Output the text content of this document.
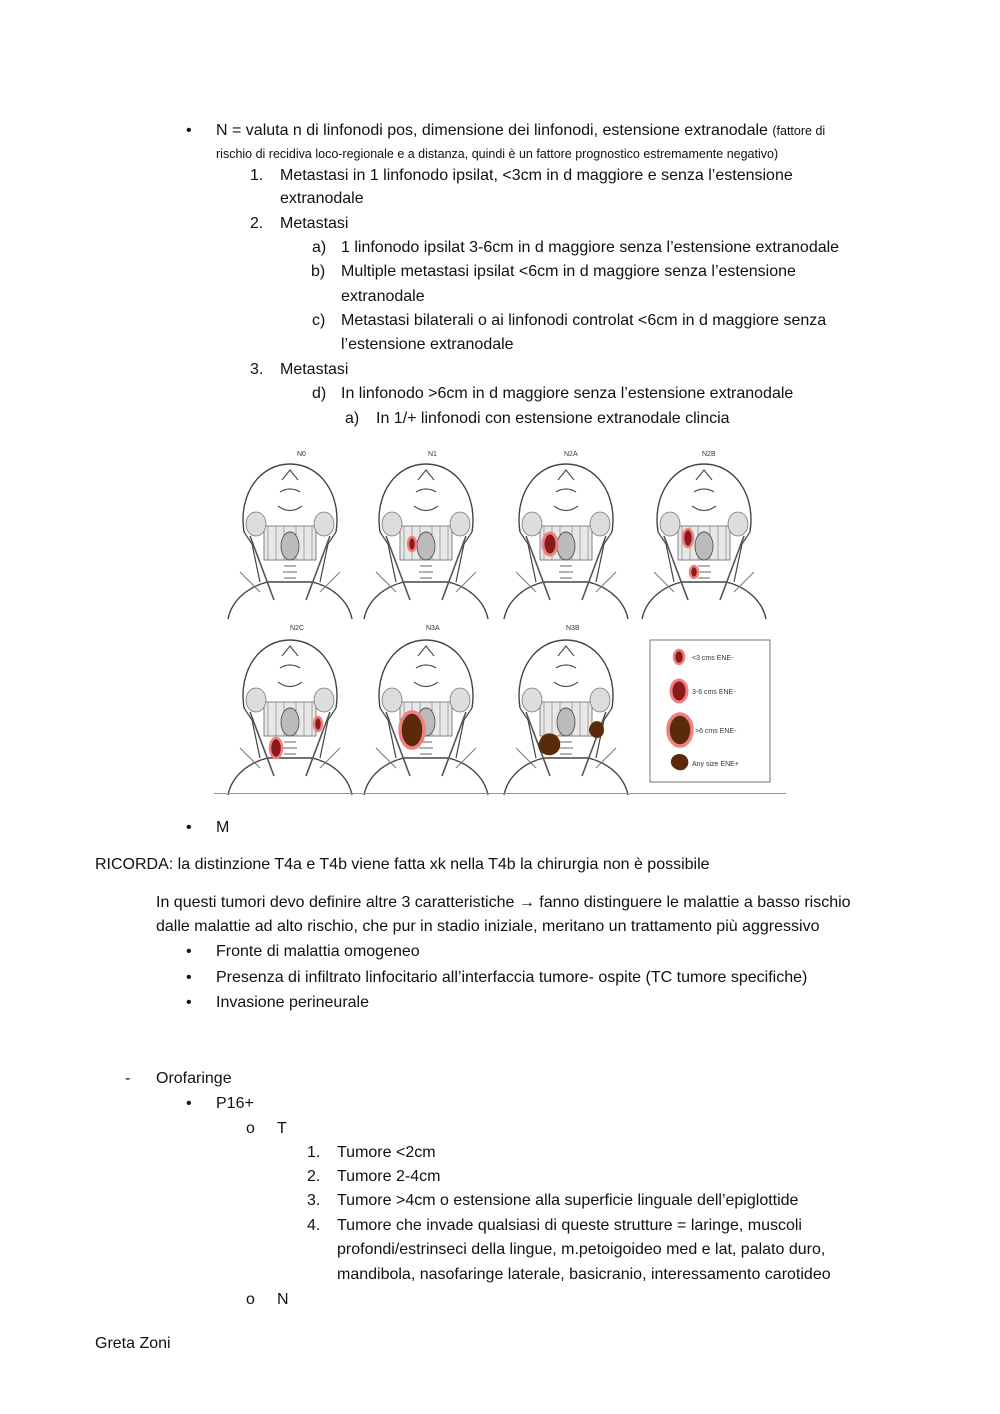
• N = valuta n di linfonodi pos, dimensione dei linfonodi, estensione extranodale (fattore di
rischio di recidiva loco-regionale e a distanza, quindi è un fattore prognostico estremamente negativo)
1. Metastasi in 1 linfonodo ipsilat, <3cm in d maggiore e senza l’estensione
extranodale
2. Metastasi
a) 1 linfonodo ipsilat 3-6cm in d maggiore senza l’estensione extranodale
b) Multiple metastasi ipsilat <6cm in d maggiore senza l’estensione
extranodale
c) Metastasi bilaterali o ai linfonodi controlat <6cm in d maggiore senza
l’estensione extranodale
3. Metastasi
d) In linfonodo >6cm in d maggiore senza l’estensione extranodale
a) In 1/+ linfonodi con estensione extranodale clincia
N0	N1	N2A	N2B
N2C	N3A	N3B
<3 cms ENE-
3-6 cms ENE-
>6 cms ENE-
Any size ENE+
• M
RICORDA: la distinzione T4a e T4b viene fatta xk nella T4b la chirurgia non è possibile
In questi tumori devo definire altre 3 caratteristiche → fanno distinguere le malattie a basso rischio
dalle malattie ad alto rischio, che pur in stadio iniziale, meritano un trattamento più aggressivo
• Fronte di malattia omogeneo
• Presenza di infiltrato linfocitario all’interfaccia tumore- ospite (TC tumore specifiche)
• Invasione perineurale
- Orofaringe
• P16+
o T
1. Tumore <2cm
2. Tumore 2-4cm
3. Tumore >4cm o estensione alla superficie linguale dell’epiglottide
4. Tumore che invade qualsiasi di queste strutture = laringe, muscoli
profondi/estrinseci della lingue, m.petoigoideo med e lat, palato duro,
mandibola, nasofaringe laterale, basicranio, interessamento carotideo
o N
Greta Zoni
